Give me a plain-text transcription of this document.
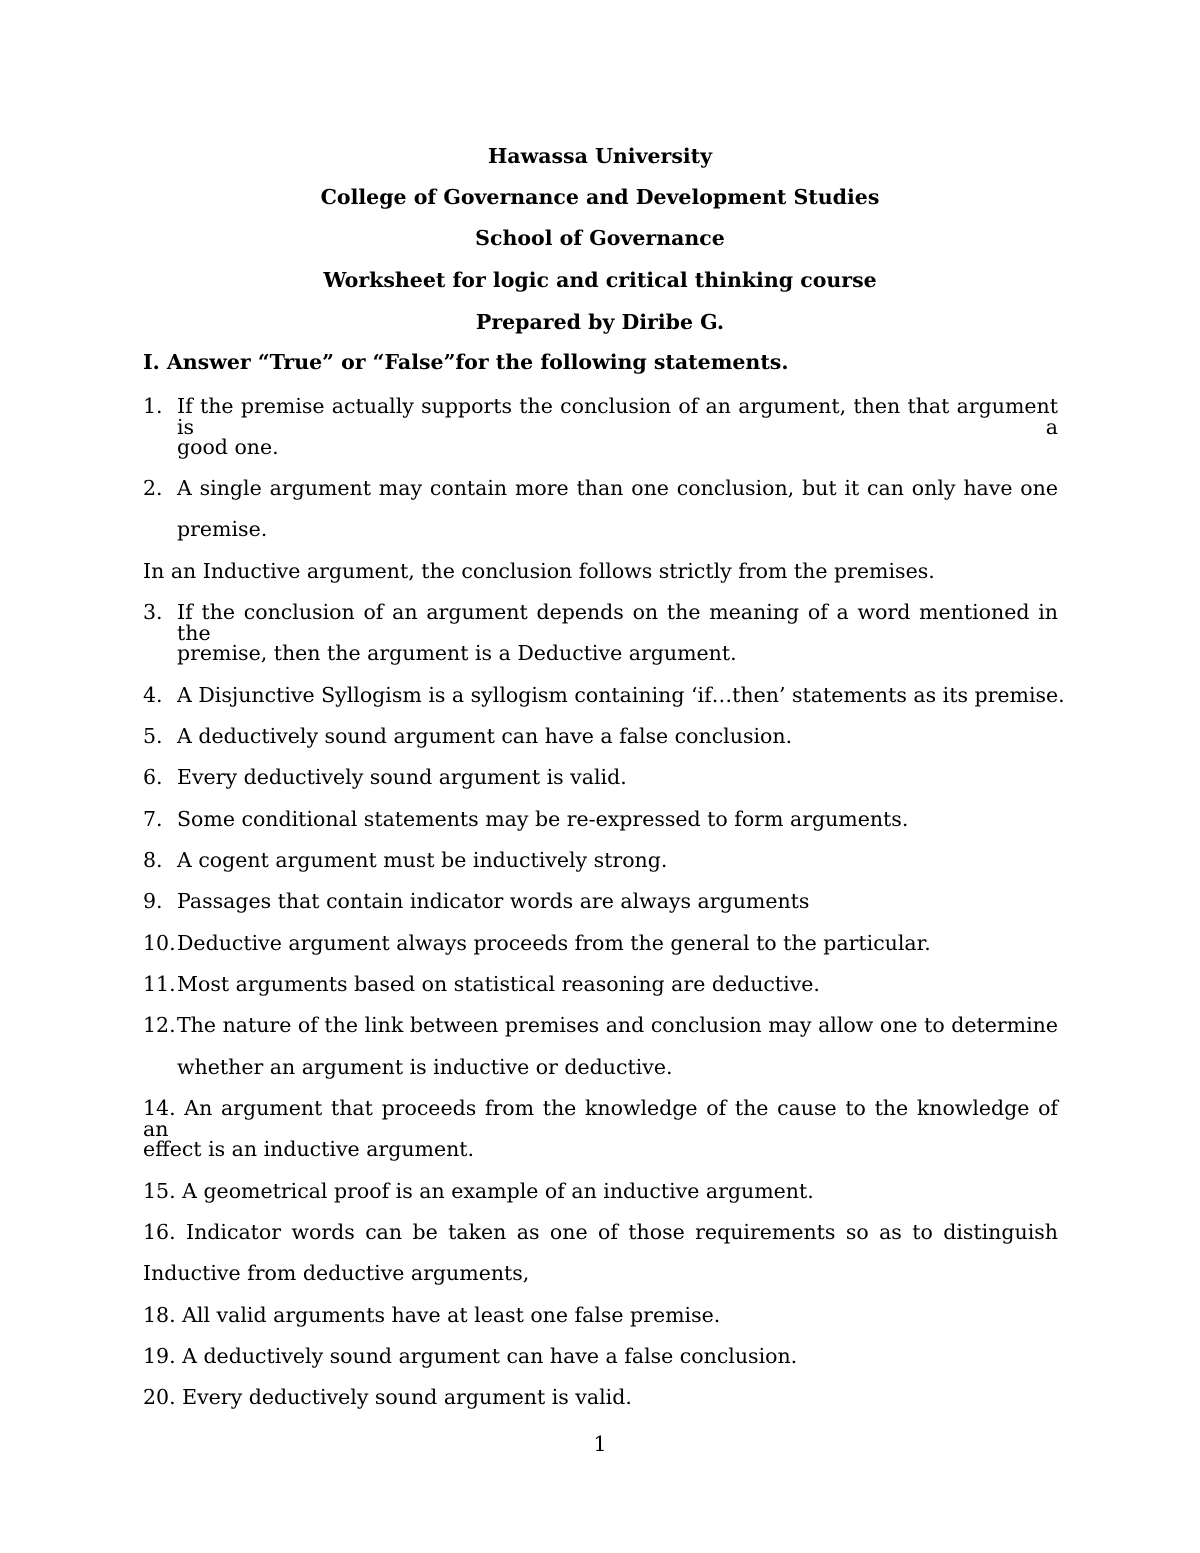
Hawassa University
College of Governance and Development Studies
School of Governance
Worksheet for logic and critical thinking course
Prepared by Diribe G.
I. Answer “True” or “False”for the following statements.
1. If the premise actually supports the conclusion of an argument, then that argument is a
good one.
2. A single argument may contain more than one conclusion, but it can only have one
premise.
In an Inductive argument, the conclusion follows strictly from the premises.
3. If the conclusion of an argument depends on the meaning of a word mentioned in the
premise, then the argument is a Deductive argument.
4. A Disjunctive Syllogism is a syllogism containing ‘if…then’ statements as its premise.
5. A deductively sound argument can have a false conclusion.
6. Every deductively sound argument is valid.
7. Some conditional statements may be re-expressed to form arguments.
8. A cogent argument must be inductively strong.
9. Passages that contain indicator words are always arguments
10. Deductive argument always proceeds from the general to the particular.
11. Most arguments based on statistical reasoning are deductive.
12. The nature of the link between premises and conclusion may allow one to determine
whether an argument is inductive or deductive.
14. An argument that proceeds from the knowledge of the cause to the knowledge of an
effect is an inductive argument.
15. A geometrical proof is an example of an inductive argument.
16. Indicator words can be taken as one of those requirements so as to distinguish
Inductive from deductive arguments,
18. All valid arguments have at least one false premise.
19. A deductively sound argument can have a false conclusion.
20. Every deductively sound argument is valid.
1
